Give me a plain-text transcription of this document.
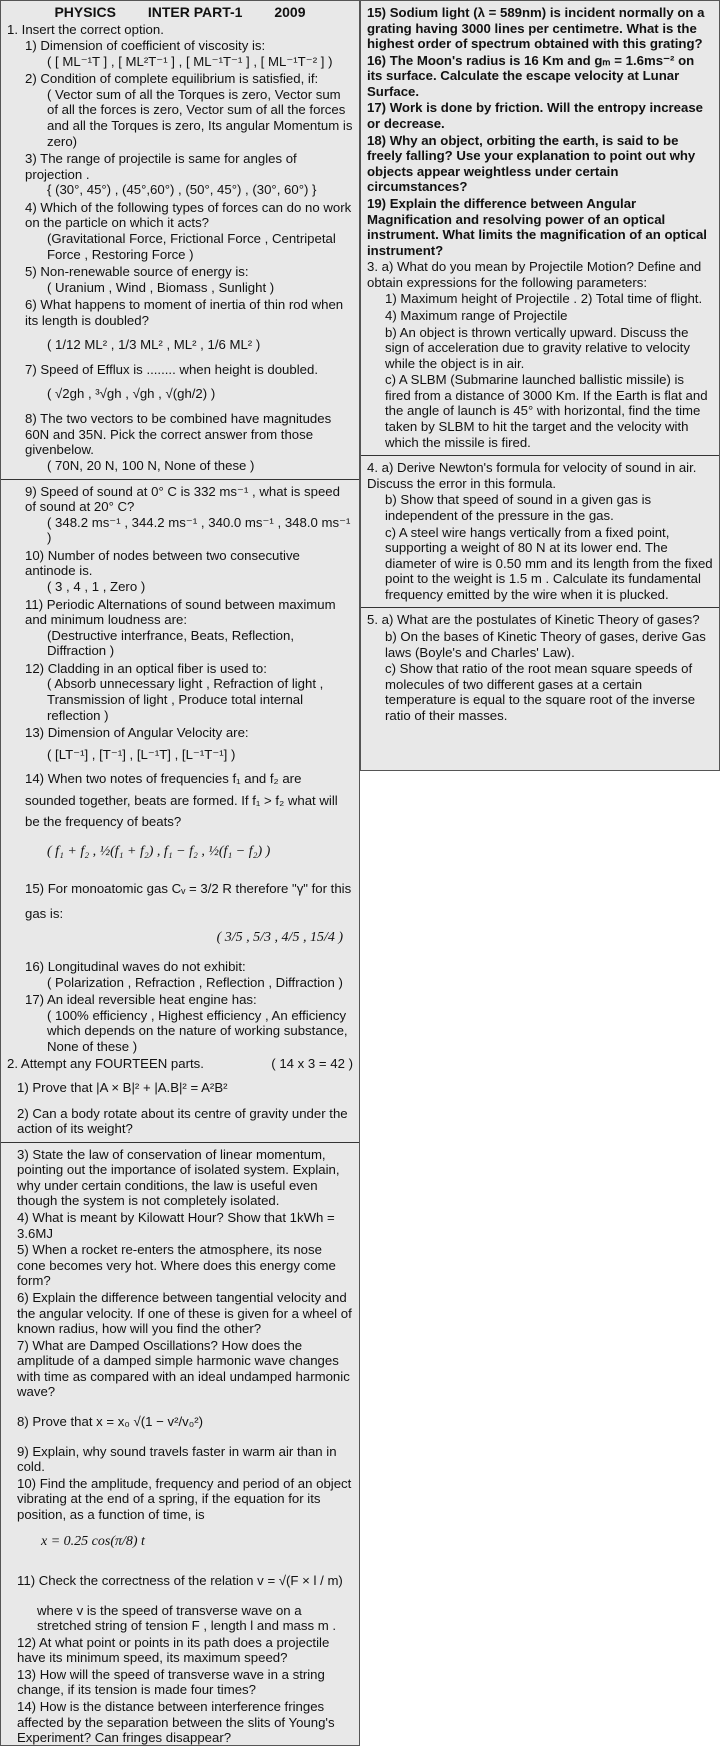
PHYSICS INTER PART-1 2009
1. Insert the correct option.
1) Dimension of coefficient of viscosity is:
( [ ML⁻¹T ] , [ ML²T⁻¹ ] , [ ML⁻¹T⁻¹ ] , [ ML⁻¹T⁻² ] )
2) Condition of complete equilibrium is satisfied, if:
( Vector sum of all the Torques is zero, Vector sum of all the forces is zero, Vector sum of all the forces and all the Torques is zero, Its angular Momentum is zero)
3) The range of projectile is same for angles of projection .
{ (30°, 45°) , (45°,60°) , (50°, 45°) , (30°, 60°) }
4) Which of the following types of forces can do no work on the particle on which it acts?
(Gravitational Force, Frictional Force , Centripetal Force , Restoring Force )
5) Non-renewable source of energy is:
( Uranium , Wind , Biomass , Sunlight )
6) What happens to moment of inertia of thin rod when its length is doubled?
( 1/12 ML² , 1/3 ML² , ML² , 1/6 ML² )
7) Speed of Efflux is ........ when height is doubled.
( √2gh , ³√gh , √gh , √(gh/2) )
8) The two vectors to be combined have magnitudes 60N and 35N. Pick the correct answer from those givenbelow.
( 70N, 20 N, 100 N, None of these )
9) Speed of sound at 0° C is 332 ms⁻¹ , what is speed of sound at 20° C?
( 348.2 ms⁻¹ , 344.2 ms⁻¹ , 340.0 ms⁻¹ , 348.0 ms⁻¹ )
10) Number of nodes between two consecutive antinode is.
( 3 , 4 , 1 , Zero )
11) Periodic Alternations of sound between maximum and minimum loudness are:
(Destructive interfrance, Beats, Reflection, Diffraction )
12) Cladding in an optical fiber is used to:
( Absorb unnecessary light , Refraction of light , Transmission of light , Produce total internal reflection )
13) Dimension of Angular Velocity are:
( [LT⁻¹] , [T⁻¹] , [L⁻¹T] , [L⁻¹T⁻¹] )
14) When two notes of frequencies f₁ and f₂ are sounded together, beats are formed. If f₁ > f₂ what will be the frequency of beats?
( f₁ + f₂ , ½(f₁ + f₂) , f₁ − f₂ , ½(f₁ − f₂) )
15) For monoatomic gas Cᵥ = 3/2 R therefore "γ" for this gas is:
( 3/5 , 5/3 , 4/5 , 15/4 )
16) Longitudinal waves do not exhibit:
( Polarization , Refraction , Reflection , Diffraction )
17) An ideal reversible heat engine has:
( 100% efficiency , Highest efficiency , An efficiency which depends on the nature of working substance, None of these )
2. Attempt any FOURTEEN parts.	( 14 x 3 = 42 )
1) Prove that |A × B|² + |A.B|² = A²B²
2) Can a body rotate about its centre of gravity under the action of its weight?
3) State the law of conservation of linear momentum, pointing out the importance of isolated system. Explain, why under certain conditions, the law is useful even though the system is not completely isolated.
4) What is meant by Kilowatt Hour? Show that 1kWh = 3.6MJ
5) When a rocket re-enters the atmosphere, its nose cone becomes very hot. Where does this energy come form?
6) Explain the difference between tangential velocity and the angular velocity. If one of these is given for a wheel of known radius, how will you find the other?
7) What are Damped Oscillations? How does the amplitude of a damped simple harmonic wave changes with time as compared with an ideal undamped harmonic wave?
8) Prove that x = x₀ √(1 − v²/v₀²)
9) Explain, why sound travels faster in warm air than in cold.
10) Find the amplitude, frequency and period of an object vibrating at the end of a spring, if the equation for its position, as a function of time, is
x = 0.25 cos(π/8) t
11) Check the correctness of the relation v = √(F × l / m)
where v is the speed of transverse wave on a stretched string of tension F , length l and mass m .
12) At what point or points in its path does a projectile have its minimum speed, its maximum speed?
13) How will the speed of transverse wave in a string change, if its tension is made four times?
14) How is the distance between interference fringes affected by the separation between the slits of Young's Experiment? Can fringes disappear?
15) Sodium light (λ = 589nm) is incident normally on a grating having 3000 lines per centimetre. What is the highest order of spectrum obtained with this grating?
16) The Moon's radius is 16 Km and gₘ = 1.6ms⁻² on its surface. Calculate the escape velocity at Lunar Surface.
17) Work is done by friction. Will the entropy increase or decrease.
18) Why an object, orbiting the earth, is said to be freely falling? Use your explanation to point out why objects appear weightless under certain circumstances?
19) Explain the difference between Angular Magnification and resolving power of an optical instrument. What limits the magnification of an optical instrument?
3. a) What do you mean by Projectile Motion? Define and obtain expressions for the following parameters:
1) Maximum height of Projectile . 2) Total time of flight.
4) Maximum range of Projectile
b) An object is thrown vertically upward. Discuss the sign of acceleration due to gravity relative to velocity while the object is in air.
c) A SLBM (Submarine launched ballistic missile) is fired from a distance of 3000 Km. If the Earth is flat and the angle of launch is 45° with horizontal, find the time taken by SLBM to hit the target and the velocity with which the missile is fired.
4. a) Derive Newton's formula for velocity of sound in air. Discuss the error in this formula.
b) Show that speed of sound in a given gas is independent of the pressure in the gas.
c) A steel wire hangs vertically from a fixed point, supporting a weight of 80 N at its lower end. The diameter of wire is 0.50 mm and its length from the fixed point to the weight is 1.5 m . Calculate its fundamental frequency emitted by the wire when it is plucked.
5. a) What are the postulates of Kinetic Theory of gases?
b) On the bases of Kinetic Theory of gases, derive Gas laws (Boyle's and Charles' Law).
c) Show that ratio of the root mean square speeds of molecules of two different gases at a certain temperature is equal to the square root of the inverse ratio of their masses.
